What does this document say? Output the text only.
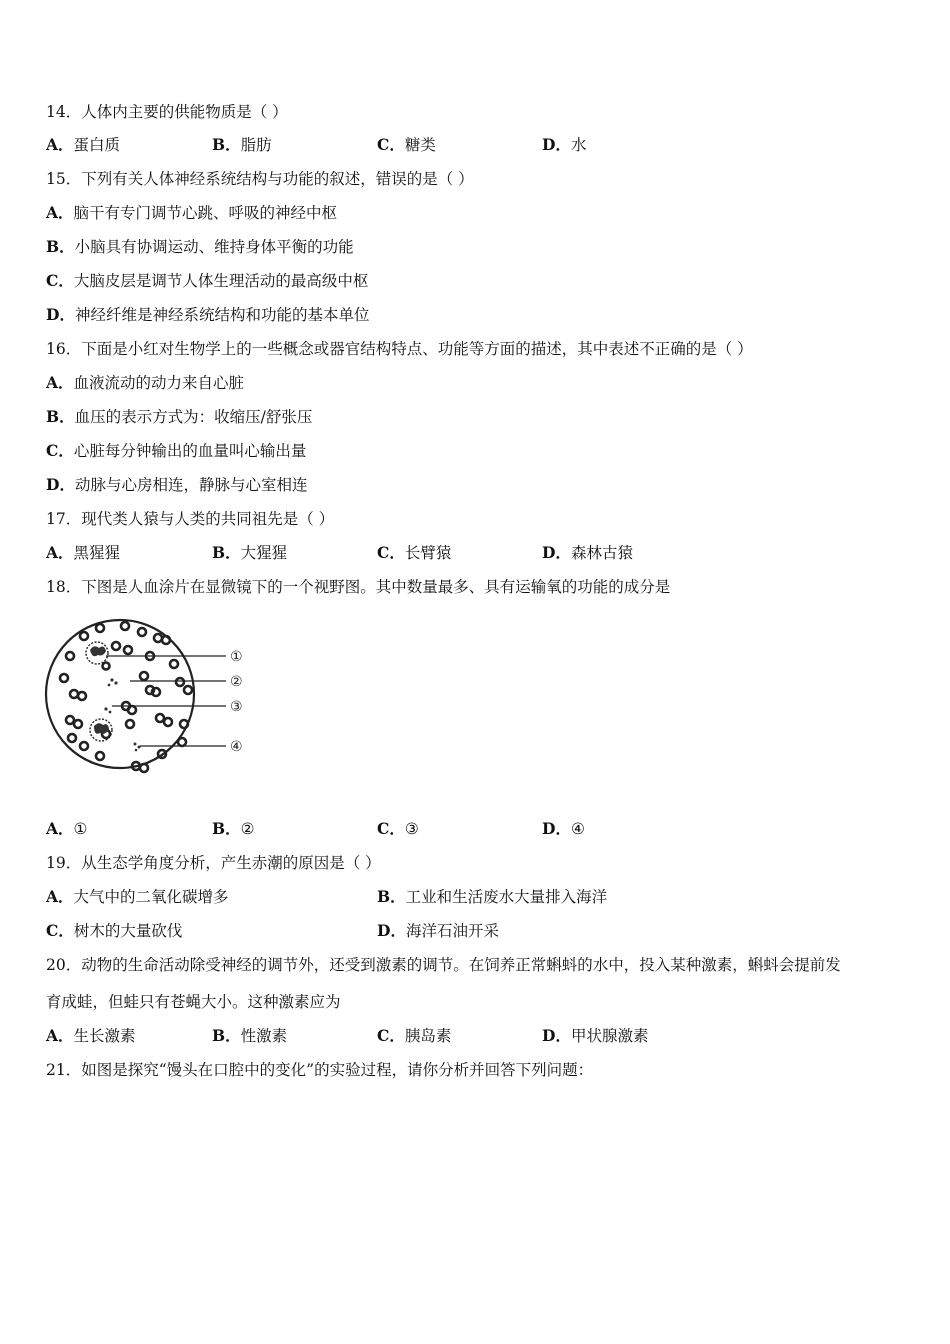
14．人体内主要的供能物质是（ ）
A．蛋白质	B．脂肪	C．糖类	D．水
15．下列有关人体神经系统结构与功能的叙述，错误的是（ ）
A．脑干有专门调节心跳、呼吸的神经中枢
B．小脑具有协调运动、维持身体平衡的功能
C．大脑皮层是调节人体生理活动的最高级中枢
D．神经纤维是神经系统结构和功能的基本单位
16．下面是小红对生物学上的一些概念或器官结构特点、功能等方面的描述，其中表述不正确的是（ ）
A．血液流动的动力来自心脏
B．血压的表示方式为：收缩压/舒张压
C．心脏每分钟输出的血量叫心输出量
D．动脉与心房相连，静脉与心室相连
17．现代类人猿与人类的共同祖先是（ ）
A．黑猩猩	B．大猩猩	C．长臂猿	D．森林古猿
18．下图是人血涂片在显微镜下的一个视野图。其中数量最多、具有运输氧的功能的成分是
①
②
③
④
A．①	B．②	C．③	D．④
19．从生态学角度分析，产生赤潮的原因是（ ）
A．大气中的二氧化碳增多	B．工业和生活废水大量排入海洋
C．树木的大量砍伐	D．海洋石油开采
20．动物的生命活动除受神经的调节外，还受到激素的调节。在饲养正常蝌蚪的水中，投入某种激素，蝌蚪会提前发
育成蛙，但蛙只有苍蝇大小。这种激素应为
A．生长激素	B．性激素	C．胰岛素	D．甲状腺激素
21．如图是探究“馒头在口腔中的变化”的实验过程，请你分析并回答下列问题：
